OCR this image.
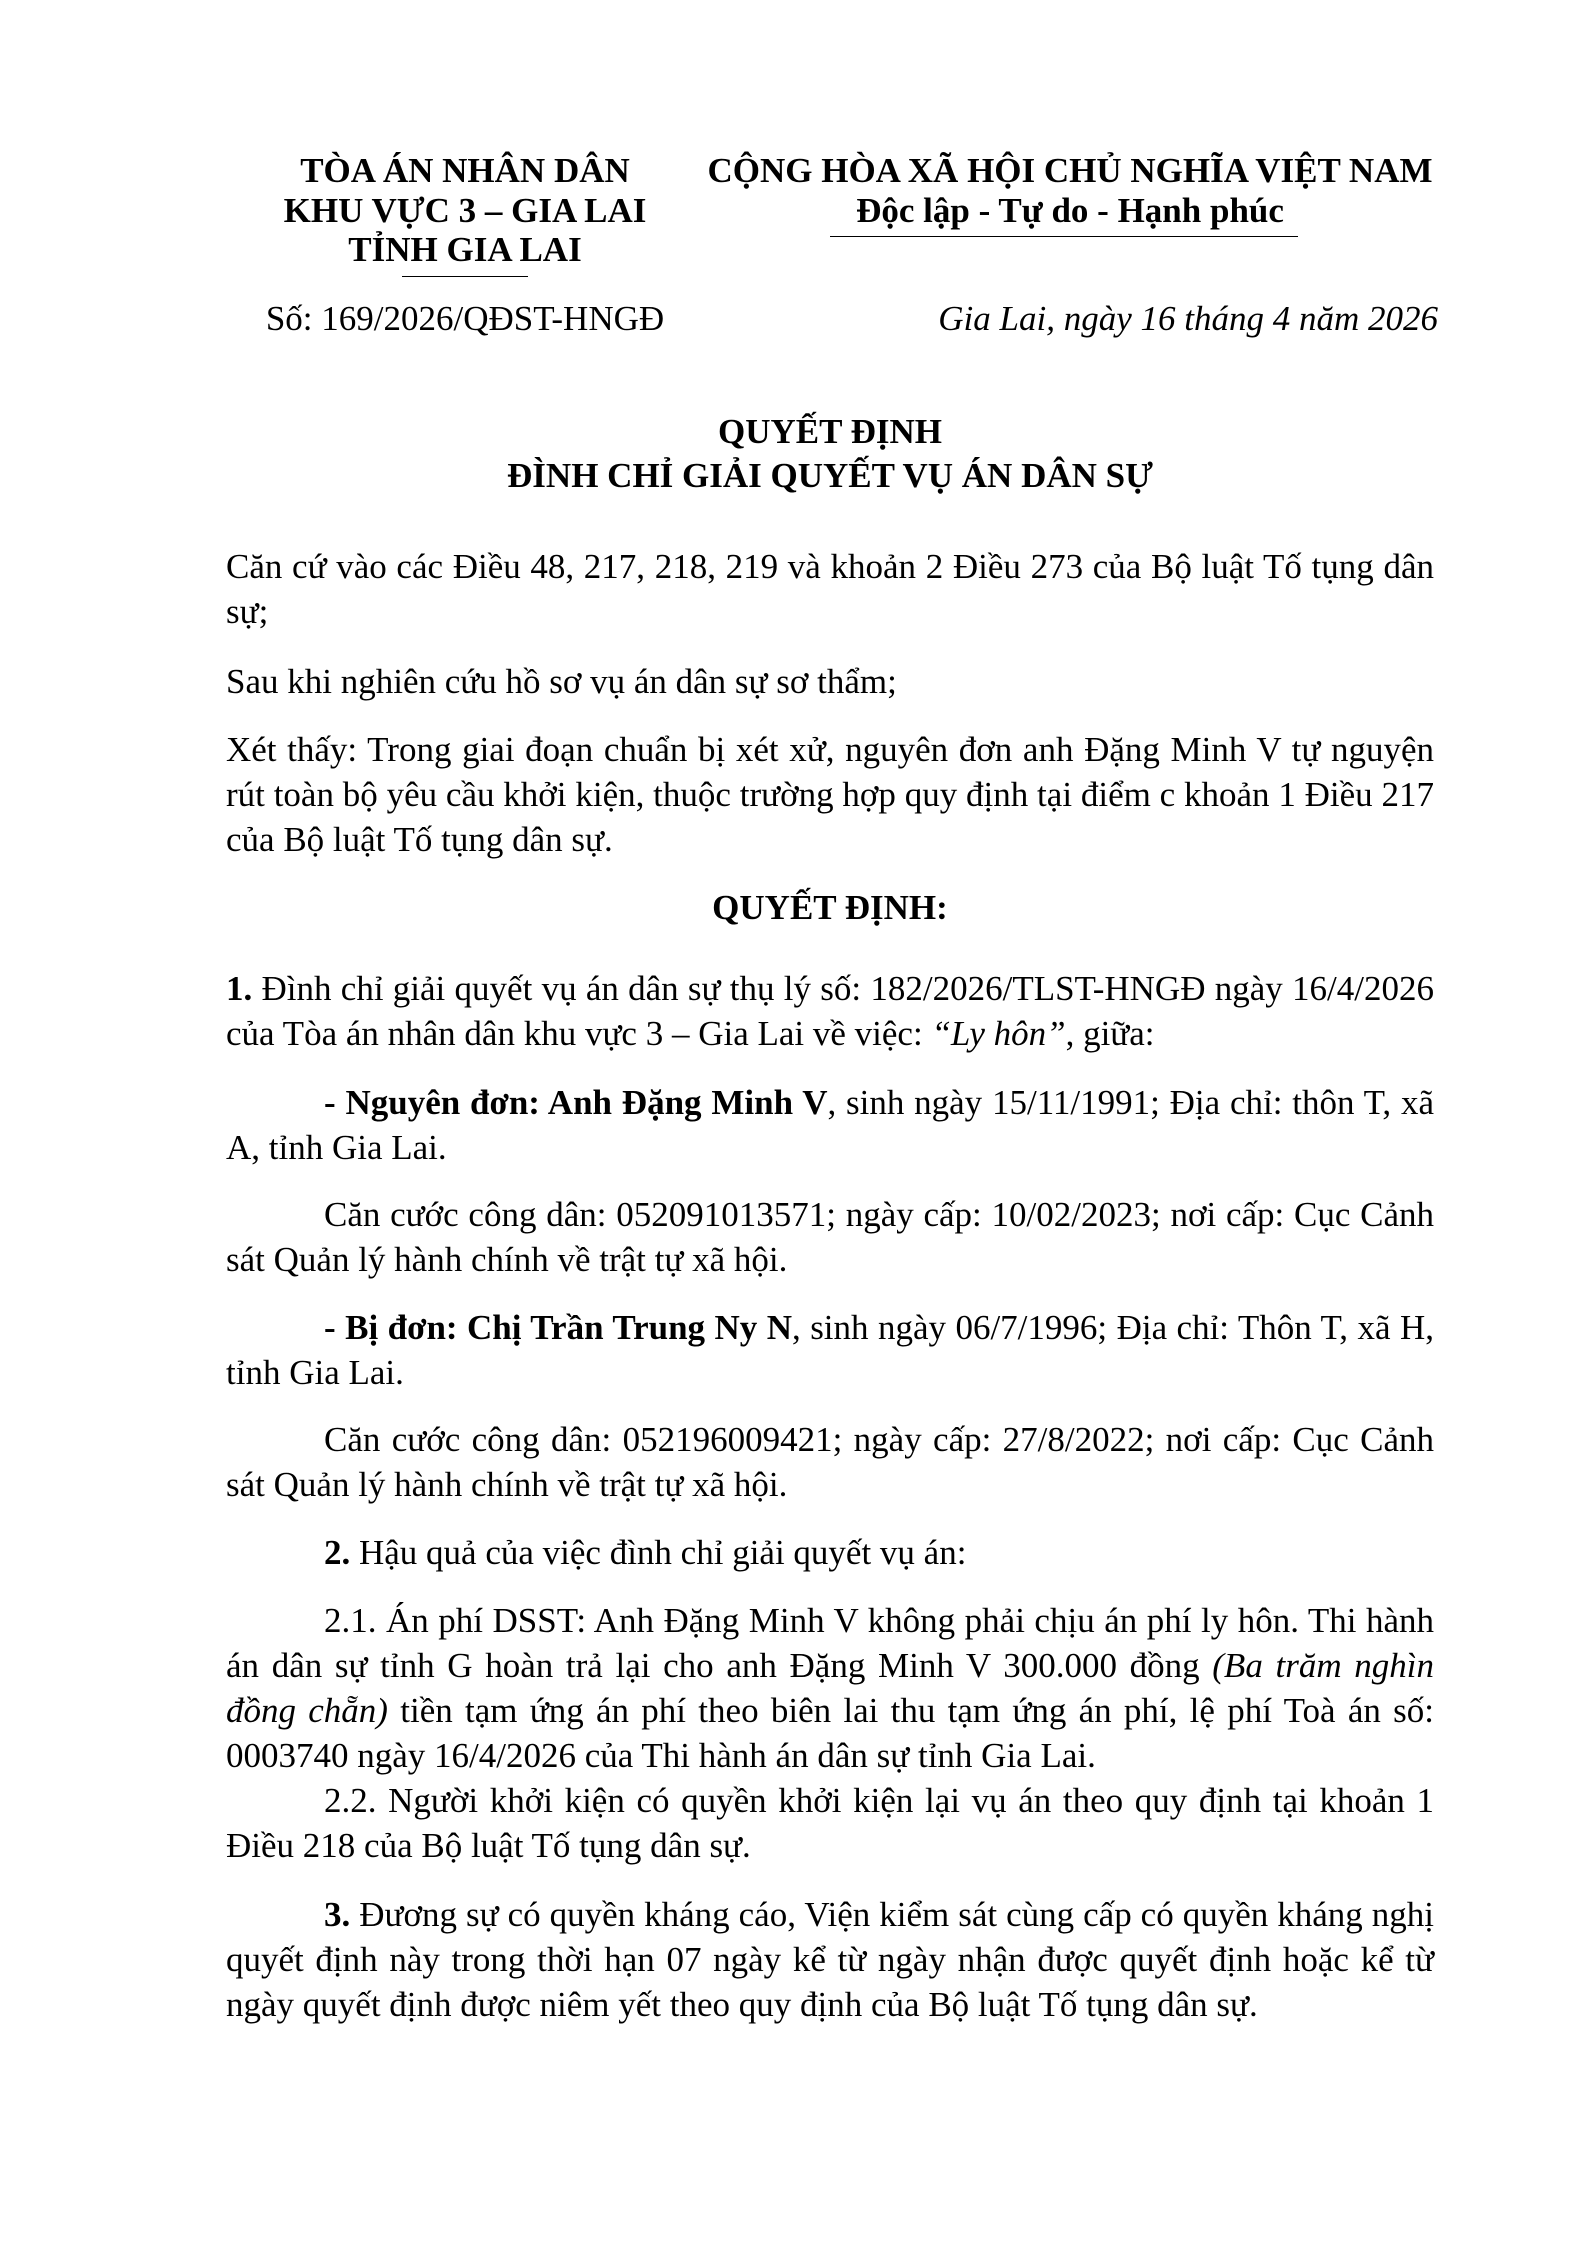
TÒA ÁN NHÂN DÂN
KHU VỰC 3 – GIA LAI
TỈNH GIA LAI
Số: 169/2026/QĐST-HNGĐ
CỘNG HÒA XÃ HỘI CHỦ NGHĨA VIỆT NAM
Độc lập - Tự do - Hạnh phúc
Gia Lai, ngày 16 tháng 4 năm 2026
QUYẾT ĐỊNH
ĐÌNH CHỈ GIẢI QUYẾT VỤ ÁN DÂN SỰ
Căn cứ vào các Điều 48, 217, 218, 219 và khoản 2 Điều 273 của Bộ luật Tố tụng dân sự;
Sau khi nghiên cứu hồ sơ vụ án dân sự sơ thẩm;
Xét thấy: Trong giai đoạn chuẩn bị xét xử, nguyên đơn anh Đặng Minh V tự nguyện rút toàn bộ yêu cầu khởi kiện, thuộc trường hợp quy định tại điểm c khoản 1 Điều 217 của Bộ luật Tố tụng dân sự.
QUYẾT ĐỊNH:
1. Đình chỉ giải quyết vụ án dân sự thụ lý số: 182/2026/TLST-HNGĐ ngày 16/4/2026 của Tòa án nhân dân khu vực 3 – Gia Lai về việc: “Ly hôn”, giữa:
- Nguyên đơn: Anh Đặng Minh V, sinh ngày 15/11/1991; Địa chỉ: thôn T, xã A, tỉnh Gia Lai.
Căn cước công dân: 052091013571; ngày cấp: 10/02/2023; nơi cấp: Cục Cảnh sát Quản lý hành chính về trật tự xã hội.
- Bị đơn: Chị Trần Trung Ny N, sinh ngày 06/7/1996; Địa chỉ: Thôn T, xã H, tỉnh Gia Lai.
Căn cước công dân: 052196009421; ngày cấp: 27/8/2022; nơi cấp: Cục Cảnh sát Quản lý hành chính về trật tự xã hội.
2. Hậu quả của việc đình chỉ giải quyết vụ án:
2.1. Án phí DSST: Anh Đặng Minh V không phải chịu án phí ly hôn. Thi hành án dân sự tỉnh G hoàn trả lại cho anh Đặng Minh V 300.000 đồng (Ba trăm nghìn đồng chẵn) tiền tạm ứng án phí theo biên lai thu tạm ứng án phí, lệ phí Toà án số: 0003740 ngày 16/4/2026 của Thi hành án dân sự tỉnh Gia Lai.
2.2. Người khởi kiện có quyền khởi kiện lại vụ án theo quy định tại khoản 1 Điều 218 của Bộ luật Tố tụng dân sự.
3. Đương sự có quyền kháng cáo, Viện kiểm sát cùng cấp có quyền kháng nghị quyết định này trong thời hạn 07 ngày kể từ ngày nhận được quyết định hoặc kể từ ngày quyết định được niêm yết theo quy định của Bộ luật Tố tụng dân sự.
